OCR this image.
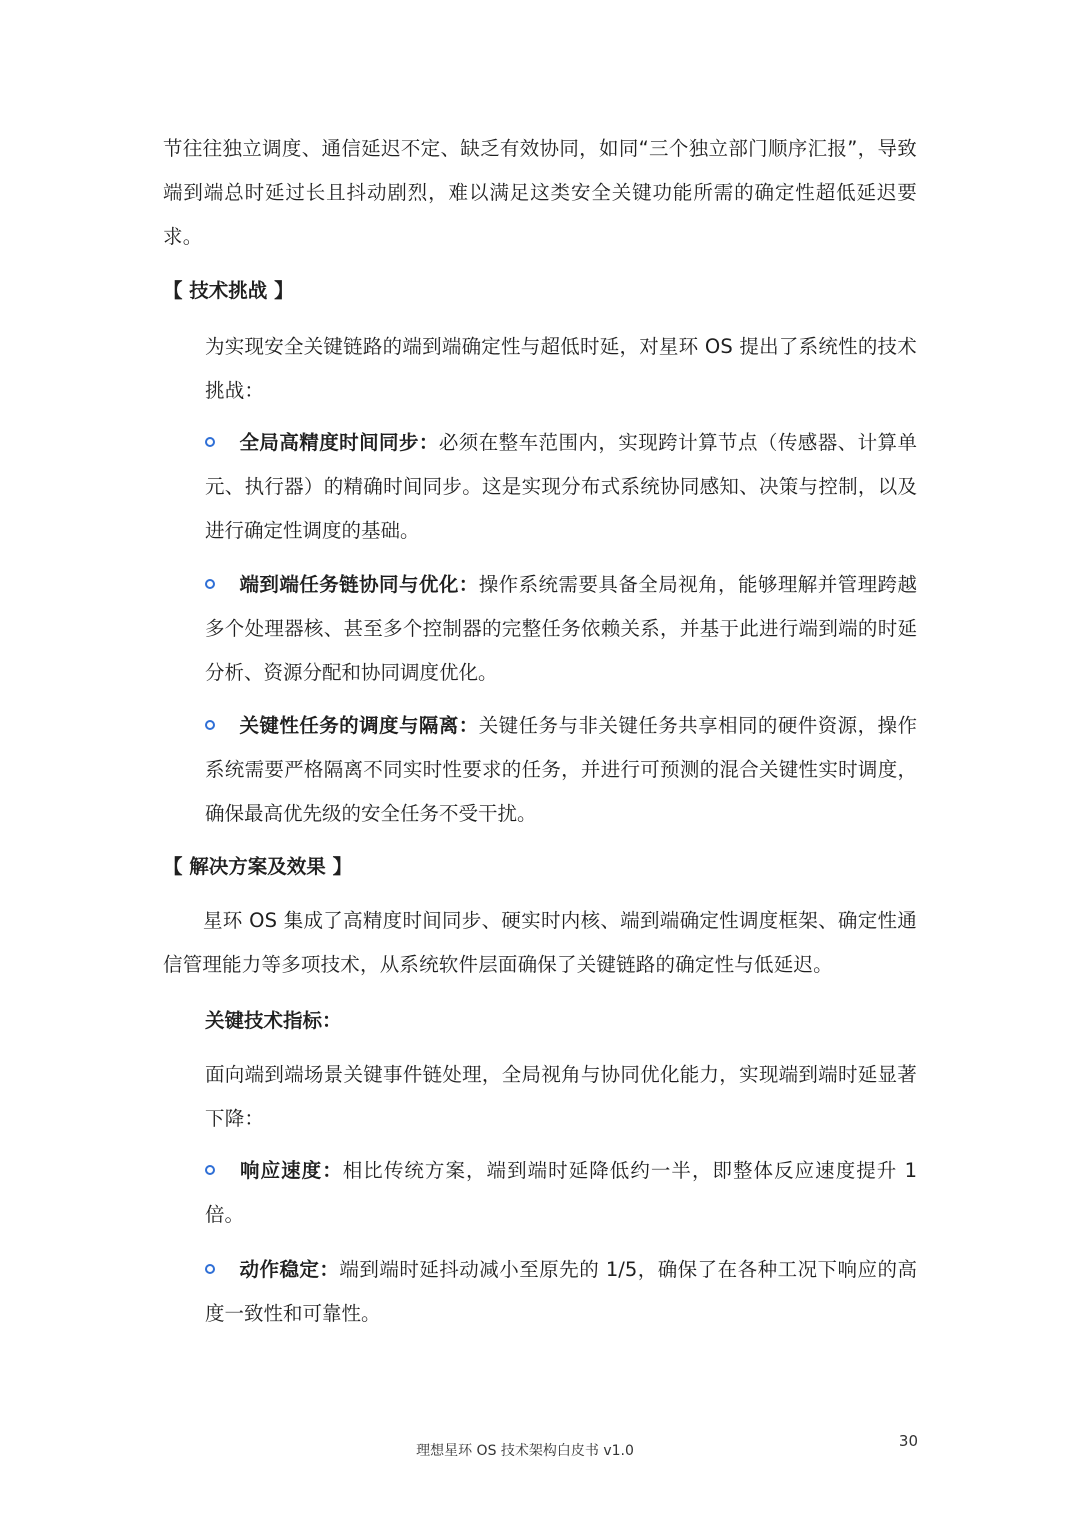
节往往独立调度、通信延迟不定、缺乏有效协同，如同“三个独立部门顺序汇报”，导致端到端总时延过长且抖动剧烈，难以满足这类安全关键功能所需的确定性超低延迟要求。

【 技术挑战 】

为实现安全关键链路的端到端确定性与超低时延，对星环 OS 提出了系统性的技术挑战：

全局高精度时间同步：必须在整车范围内，实现跨计算节点（传感器、计算单元、执行器）的精确时间同步。这是实现分布式系统协同感知、决策与控制，以及进行确定性调度的基础。

端到端任务链协同与优化：操作系统需要具备全局视角，能够理解并管理跨越多个处理器核、甚至多个控制器的完整任务依赖关系，并基于此进行端到端的时延分析、资源分配和协同调度优化。

关键性任务的调度与隔离：关键任务与非关键任务共享相同的硬件资源，操作系统需要严格隔离不同实时性要求的任务，并进行可预测的混合关键性实时调度，确保最高优先级的安全任务不受干扰。

【 解决方案及效果 】

星环 OS 集成了高精度时间同步、硬实时内核、端到端确定性调度框架、确定性通信管理能力等多项技术，从系统软件层面确保了关键链路的确定性与低延迟。

关键技术指标：

面向端到端场景关键事件链处理，全局视角与协同优化能力，实现端到端时延显著下降：

响应速度：相比传统方案，端到端时延降低约一半，即整体反应速度提升 1 倍。

动作稳定：端到端时延抖动减小至原先的 1/5，确保了在各种工况下响应的高度一致性和可靠性。

理想星环 OS 技术架构白皮书 v1.0
30
